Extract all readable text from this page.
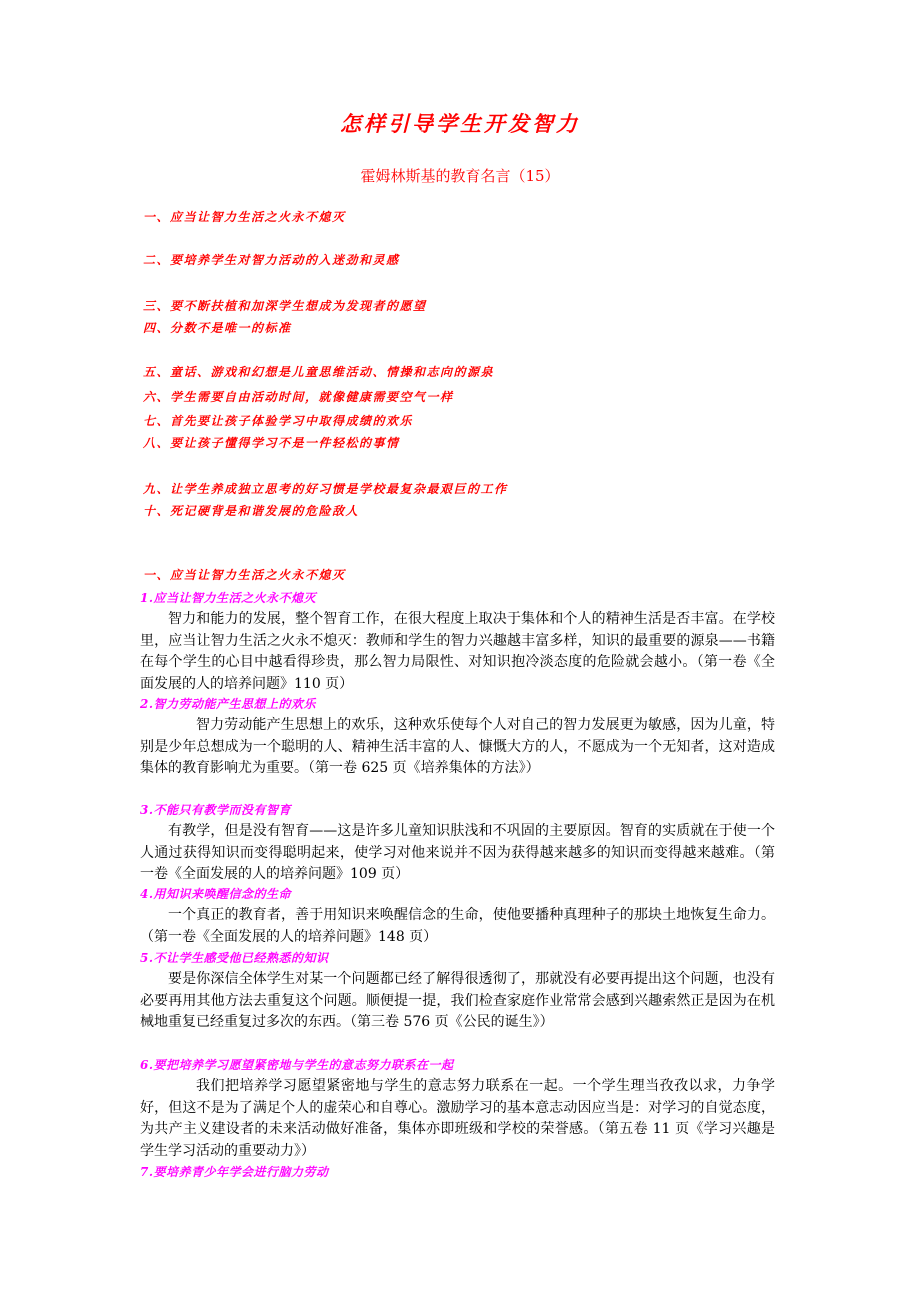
怎样引导学生开发智力
霍姆林斯基的教育名言（15）
一、应当让智力生活之火永不熄灭
二、要培养学生对智力活动的入迷劲和灵感
三、要不断扶植和加深学生想成为发现者的愿望
四、分数不是唯一的标准
五、童话、游戏和幻想是儿童思维活动、情操和志向的源泉
六、学生需要自由活动时间，就像健康需要空气一样
七、首先要让孩子体验学习中取得成绩的欢乐
八、要让孩子懂得学习不是一件轻松的事情
九、让学生养成独立思考的好习惯是学校最复杂最艰巨的工作
十、死记硬背是和谐发展的危险敌人
一、应当让智力生活之火永不熄灭
1.应当让智力生活之火永不熄灭

智力和能力的发展，整个智育工作，在很大程度上取决于集体和个人的精神生活是否丰富。在学校里，应当让智力生活之火永不熄灭：教师和学生的智力兴趣越丰富多样，知识的最重要的源泉——书籍在每个学生的心目中越看得珍贵，那么智力局限性、对知识抱冷淡态度的危险就会越小。（第一卷《全面发展的人的培养问题》110 页）

2.智力劳动能产生思想上的欢乐

智力劳动能产生思想上的欢乐，这种欢乐使每个人对自己的智力发展更为敏感，因为儿童，特别是少年总想成为一个聪明的人、精神生活丰富的人、慷慨大方的人，不愿成为一个无知者，这对造成集体的教育影响尤为重要。（第一卷 625 页《培养集体的方法》）

3.不能只有教学而没有智育

有教学，但是没有智育——这是许多儿童知识肤浅和不巩固的主要原因。智育的实质就在于使一个人通过获得知识而变得聪明起来，使学习对他来说并不因为获得越来越多的知识而变得越来越难。（第一卷《全面发展的人的培养问题》109 页）

4.用知识来唤醒信念的生命

一个真正的教育者，善于用知识来唤醒信念的生命，使他要播种真理种子的那块土地恢复生命力。（第一卷《全面发展的人的培养问题》148 页）

5.不让学生感受他已经熟悉的知识

要是你深信全体学生对某一个问题都已经了解得很透彻了，那就没有必要再提出这个问题，也没有必要再用其他方法去重复这个问题。顺便提一提，我们检查家庭作业常常会感到兴趣索然正是因为在机械地重复已经重复过多次的东西。（第三卷 576 页《公民的诞生》）

6.要把培养学习愿望紧密地与学生的意志努力联系在一起

我们把培养学习愿望紧密地与学生的意志努力联系在一起。一个学生理当孜孜以求，力争学好，但这不是为了满足个人的虚荣心和自尊心。激励学习的基本意志动因应当是：对学习的自觉态度，为共产主义建设者的未来活动做好准备，集体亦即班级和学校的荣誉感。（第五卷 11 页《学习兴趣是学生学习活动的重要动力》）

7.要培养青少年学会进行脑力劳动
